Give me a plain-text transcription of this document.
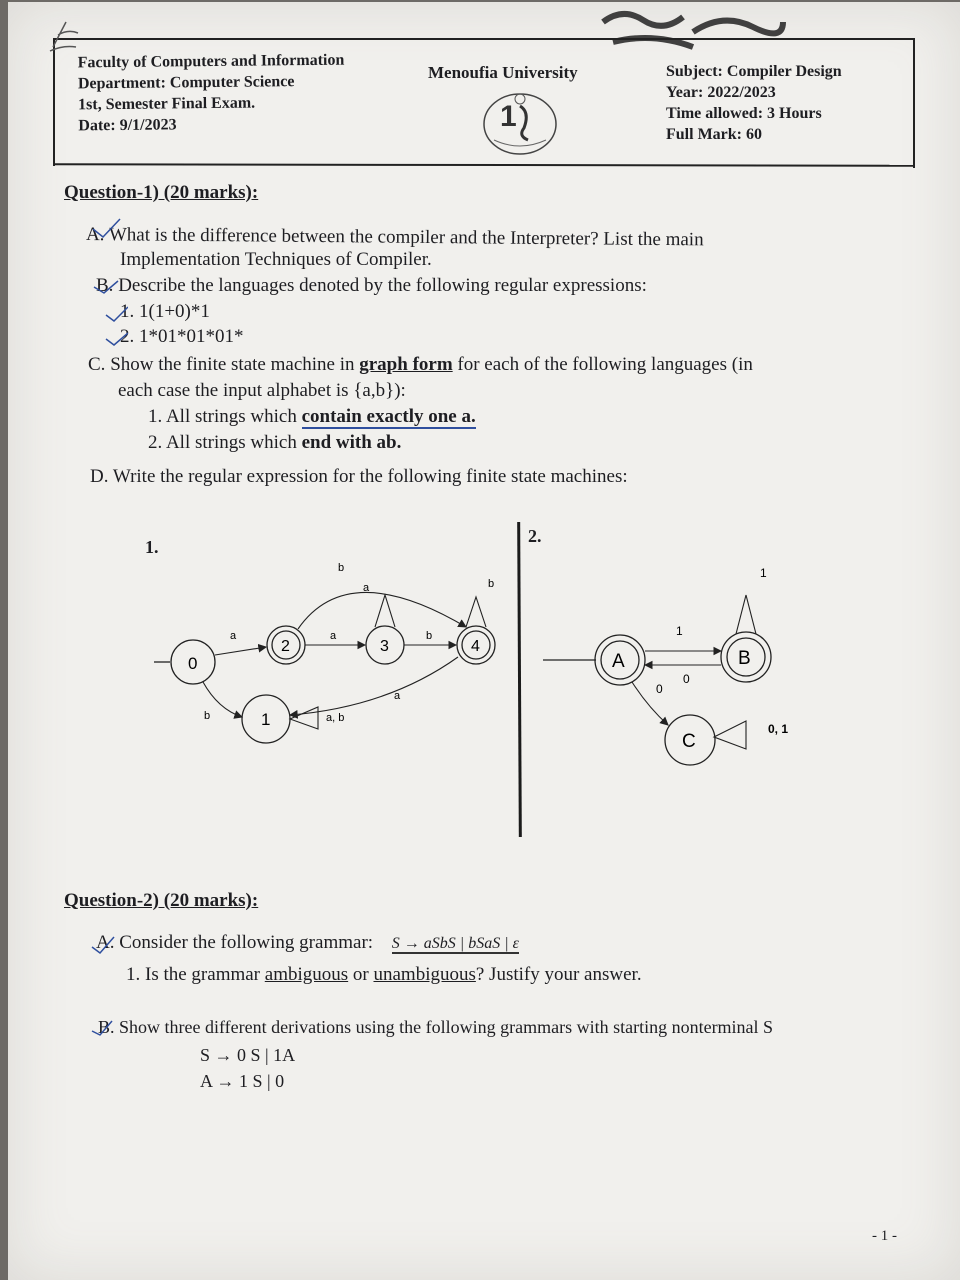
Faculty of Computers and Information
Department: Computer Science
1st, Semester Final Exam.
Date: 9/1/2023
Menoufia University
1
Subject: Compiler Design
Year: 2022/2023
Time allowed: 3 Hours
Full Mark: 60
Question-1) (20 marks):
A. What is the difference between the compiler and the Interpreter? List the main
Implementation Techniques of Compiler.
B. Describe the languages denoted by the following regular expressions:
1. 1(1+0)*1
2. 1*01*01*01*
C. Show the finite state machine in graph form for each of the following languages (in
each case the input alphabet is {a,b}):
1. All strings which contain exactly one a.
2. All strings which end with ab.
D. Write the regular expression for the following finite state machines:
1.
2.
0
2	3	4
1
a
b
a	b
b
a, b
b
a
a
A	B
C
1
1
0
0
0, 1
Question-2) (20 marks):
A. Consider the following grammar: S → aSbS | bSaS | ε
1. Is the grammar ambiguous or unambiguous? Justify your answer.
B. Show three different derivations using the following grammars with starting nonterminal S
S → 0 S | 1A
A → 1 S | 0
- 1 -
